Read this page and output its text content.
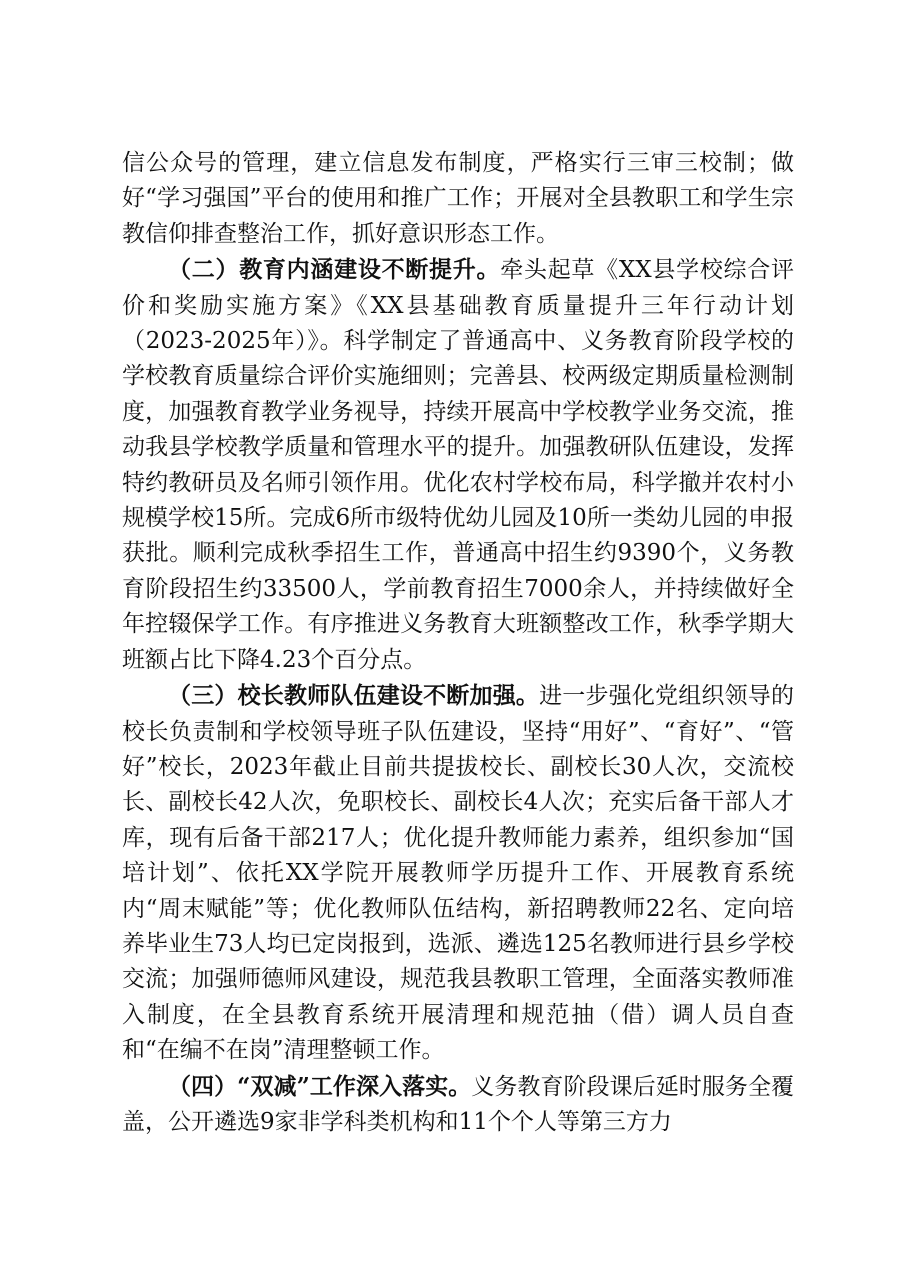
信公众号的管理，建立信息发布制度，严格实行三审三校制；做好“学习强国”平台的使用和推广工作；开展对全县教职工和学生宗教信仰排查整治工作，抓好意识形态工作。

（二）教育内涵建设不断提升。牵头起草《XX县学校综合评价和奖励实施方案》《XX县基础教育质量提升三年行动计划（2023-2025年）》。科学制定了普通高中、义务教育阶段学校的学校教育质量综合评价实施细则；完善县、校两级定期质量检测制度，加强教育教学业务视导，持续开展高中学校教学业务交流，推动我县学校教学质量和管理水平的提升。加强教研队伍建设，发挥特约教研员及名师引领作用。优化农村学校布局，科学撤并农村小规模学校15所。完成6所市级特优幼儿园及10所一类幼儿园的申报获批。顺利完成秋季招生工作，普通高中招生约9390个，义务教育阶段招生约33500人，学前教育招生7000余人，并持续做好全年控辍保学工作。有序推进义务教育大班额整改工作，秋季学期大班额占比下降4.23个百分点。

（三）校长教师队伍建设不断加强。进一步强化党组织领导的校长负责制和学校领导班子队伍建设，坚持“用好”、“育好”、“管好”校长，2023年截止目前共提拔校长、副校长30人次，交流校长、副校长42人次，免职校长、副校长4人次；充实后备干部人才库，现有后备干部217人；优化提升教师能力素养，组织参加“国培计划”、依托XX学院开展教师学历提升工作、开展教育系统内“周末赋能”等；优化教师队伍结构，新招聘教师22名、定向培养毕业生73人均已定岗报到，选派、遴选125名教师进行县乡学校交流；加强师德师风建设，规范我县教职工管理，全面落实教师准入制度，在全县教育系统开展清理和规范抽（借）调人员自查和“在编不在岗”清理整顿工作。

（四）“双减”工作深入落实。义务教育阶段课后延时服务全覆盖，公开遴选9家非学科类机构和11个个人等第三方力
